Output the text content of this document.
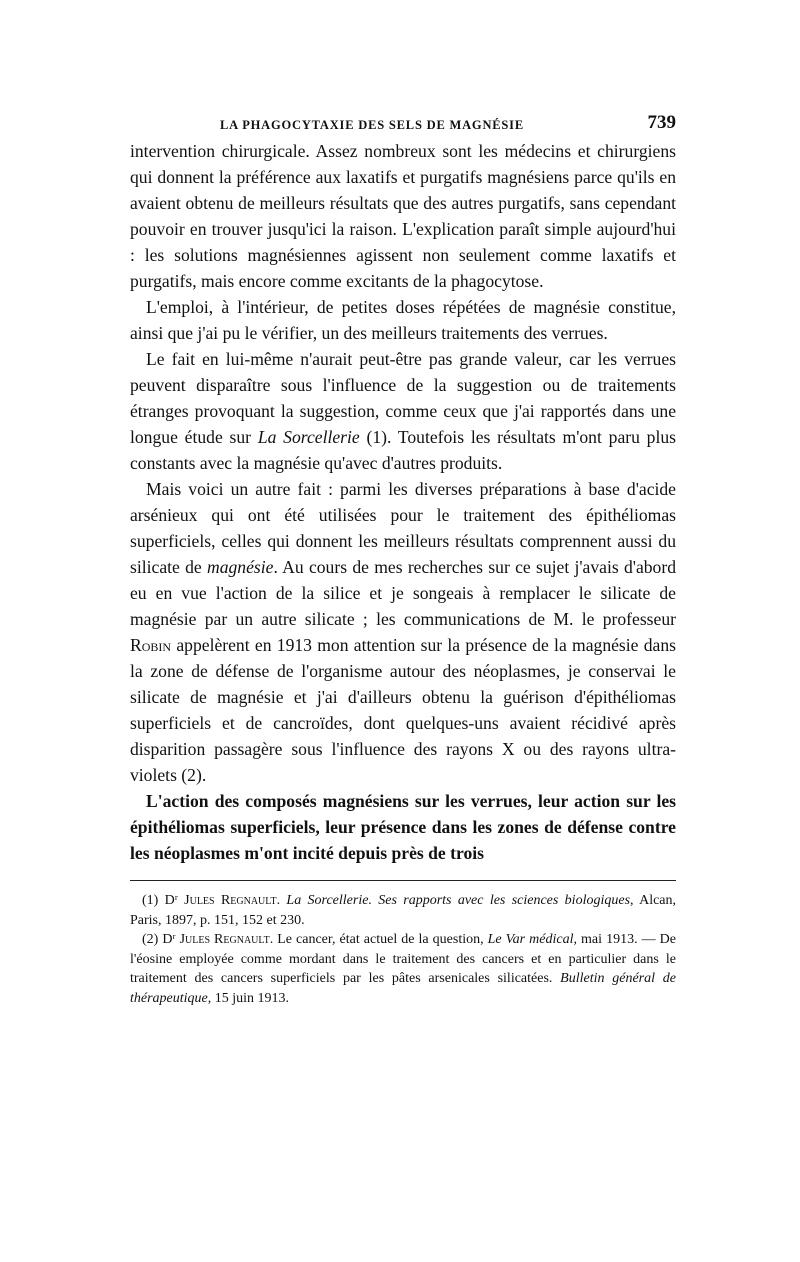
LA PHAGOCYTAXIE DES SELS DE MAGNÉSIE	739

intervention chirurgicale. Assez nombreux sont les médecins et chirurgiens qui donnent la préférence aux laxatifs et purgatifs magnésiens parce qu'ils en avaient obtenu de meilleurs résultats que des autres purgatifs, sans cependant pouvoir en trouver jusqu'ici la raison. L'explication paraît simple aujourd'hui : les solutions magnésiennes agissent non seulement comme laxatifs et purgatifs, mais encore comme excitants de la phagocytose.

L'emploi, à l'intérieur, de petites doses répétées de magnésie constitue, ainsi que j'ai pu le vérifier, un des meilleurs traitements des verrues.

Le fait en lui-même n'aurait peut-être pas grande valeur, car les verrues peuvent disparaître sous l'influence de la suggestion ou de traitements étranges provoquant la suggestion, comme ceux que j'ai rapportés dans une longue étude sur La Sorcellerie (1). Toutefois les résultats m'ont paru plus constants avec la magnésie qu'avec d'autres produits.

Mais voici un autre fait : parmi les diverses préparations à base d'acide arsénieux qui ont été utilisées pour le traitement des épithéliomas superficiels, celles qui donnent les meilleurs résultats comprennent aussi du silicate de magnésie. Au cours de mes recherches sur ce sujet j'avais d'abord eu en vue l'action de la silice et je songeais à remplacer le silicate de magnésie par un autre silicate ; les communications de M. le professeur Robin appelèrent en 1913 mon attention sur la présence de la magnésie dans la zone de défense de l'organisme autour des néoplasmes, je conservai le silicate de magnésie et j'ai d'ailleurs obtenu la guérison d'épithéliomas superficiels et de cancroïdes, dont quelques-uns avaient récidivé après disparition passagère sous l'influence des rayons X ou des rayons ultra-violets (2).

L'action des composés magnésiens sur les verrues, leur action sur les épithéliomas superficiels, leur présence dans les zones de défense contre les néoplasmes m'ont incité depuis près de trois

(1) Dʳ Jules Regnault. La Sorcellerie. Ses rapports avec les sciences biologiques, Alcan, Paris, 1897, p. 151, 152 et 230.

(2) Dʳ Jules Regnault. Le cancer, état actuel de la question, Le Var médical, mai 1913. — De l'éosine employée comme mordant dans le traitement des cancers et en particulier dans le traitement des cancers superficiels par les pâtes arsenicales silicatées. Bulletin général de thérapeutique, 15 juin 1913.
